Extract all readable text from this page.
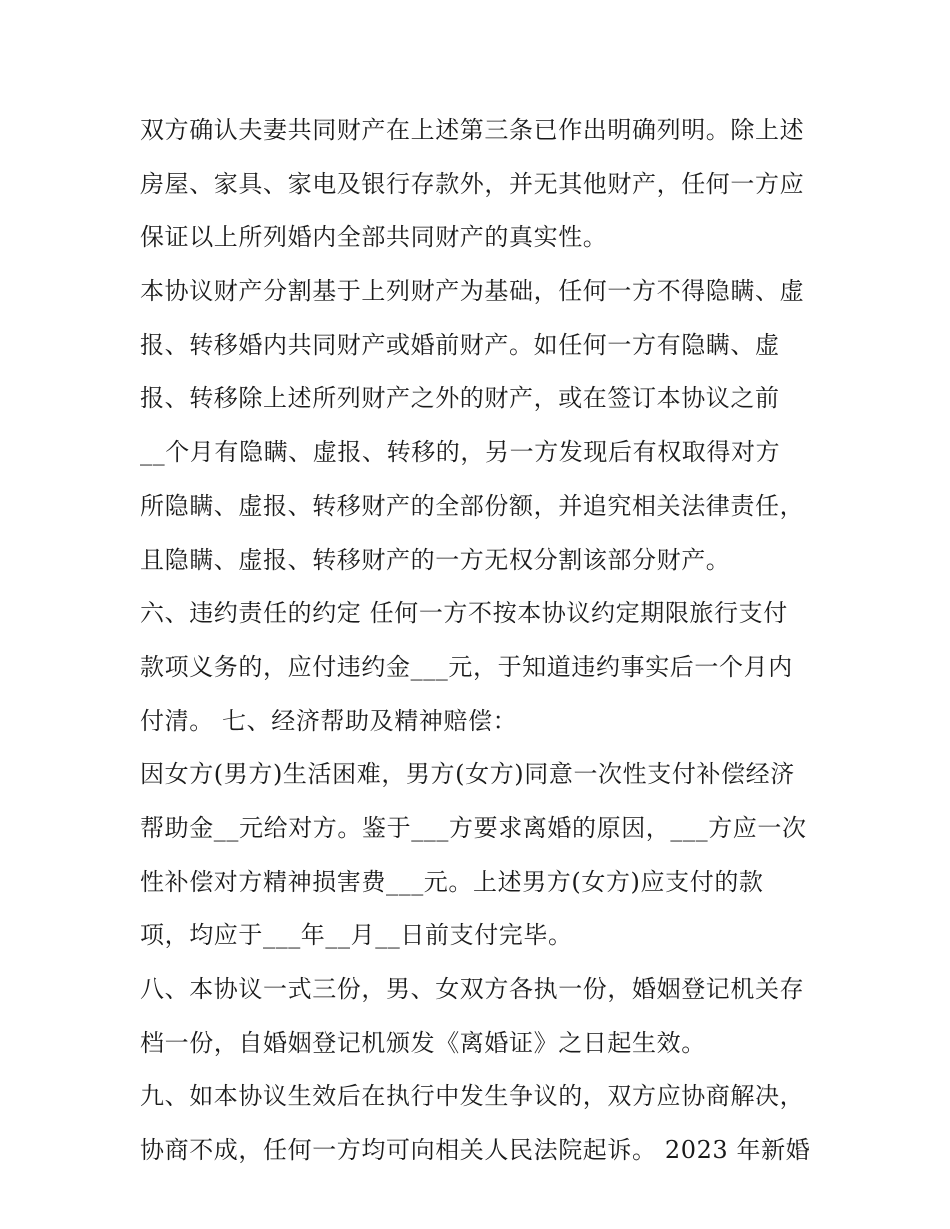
双方确认夫妻共同财产在上述第三条已作出明确列明。除上述
房屋、家具、家电及银行存款外，并无其他财产，任何一方应
保证以上所列婚内全部共同财产的真实性。
本协议财产分割基于上列财产为基础，任何一方不得隐瞒、虚
报、转移婚内共同财产或婚前财产。如任何一方有隐瞒、虚
报、转移除上述所列财产之外的财产，或在签订本协议之前
__个月有隐瞒、虚报、转移的，另一方发现后有权取得对方
所隐瞒、虚报、转移财产的全部份额，并追究相关法律责任，
且隐瞒、虚报、转移财产的一方无权分割该部分财产。
六、违约责任的约定 任何一方不按本协议约定期限旅行支付
款项义务的，应付违约金___元，于知道违约事实后一个月内
付清。 七、经济帮助及精神赔偿：
因女方(男方)生活困难，男方(女方)同意一次性支付补偿经济
帮助金__元给对方。鉴于___方要求离婚的原因，___方应一次
性补偿对方精神损害费___元。上述男方(女方)应支付的款
项，均应于___年__月__日前支付完毕。
八、本协议一式三份，男、女双方各执一份，婚姻登记机关存
档一份，自婚姻登记机颁发《离婚证》之日起生效。
九、如本协议生效后在执行中发生争议的，双方应协商解决，
协商不成，任何一方均可向相关人民法院起诉。 2023 年新婚
